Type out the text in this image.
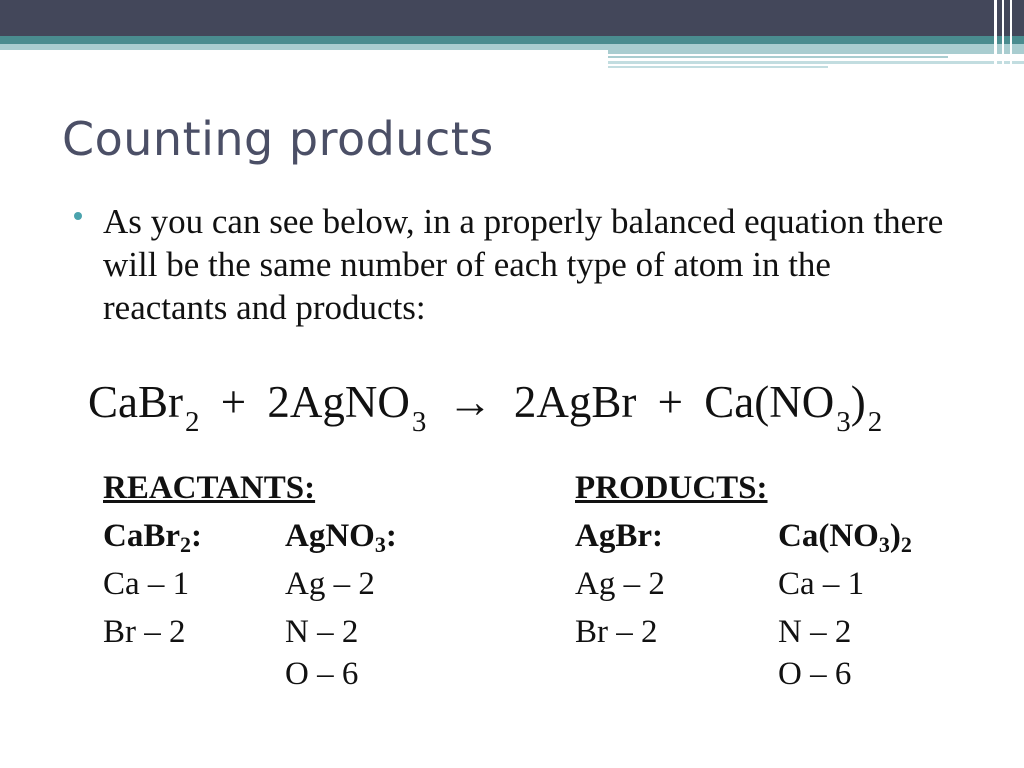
Counting products
As you can see below, in a properly balanced equation there will be the same number of each type of atom in the reactants and products:
CaBr$_2$ + 2AgNO$_3$ → 2AgBr + $Ca(NO_3)_2$
REACTANTS:
CaBr$_2$:
Ca – 1
Br – 2
AgNO$_3$:
Ag – 2
N – 2
O – 6
PRODUCTS:
AgBr:
Ag – 2
Br – 2
$Ca(NO_3)_2$
Ca – 1
N – 2
O – 6
